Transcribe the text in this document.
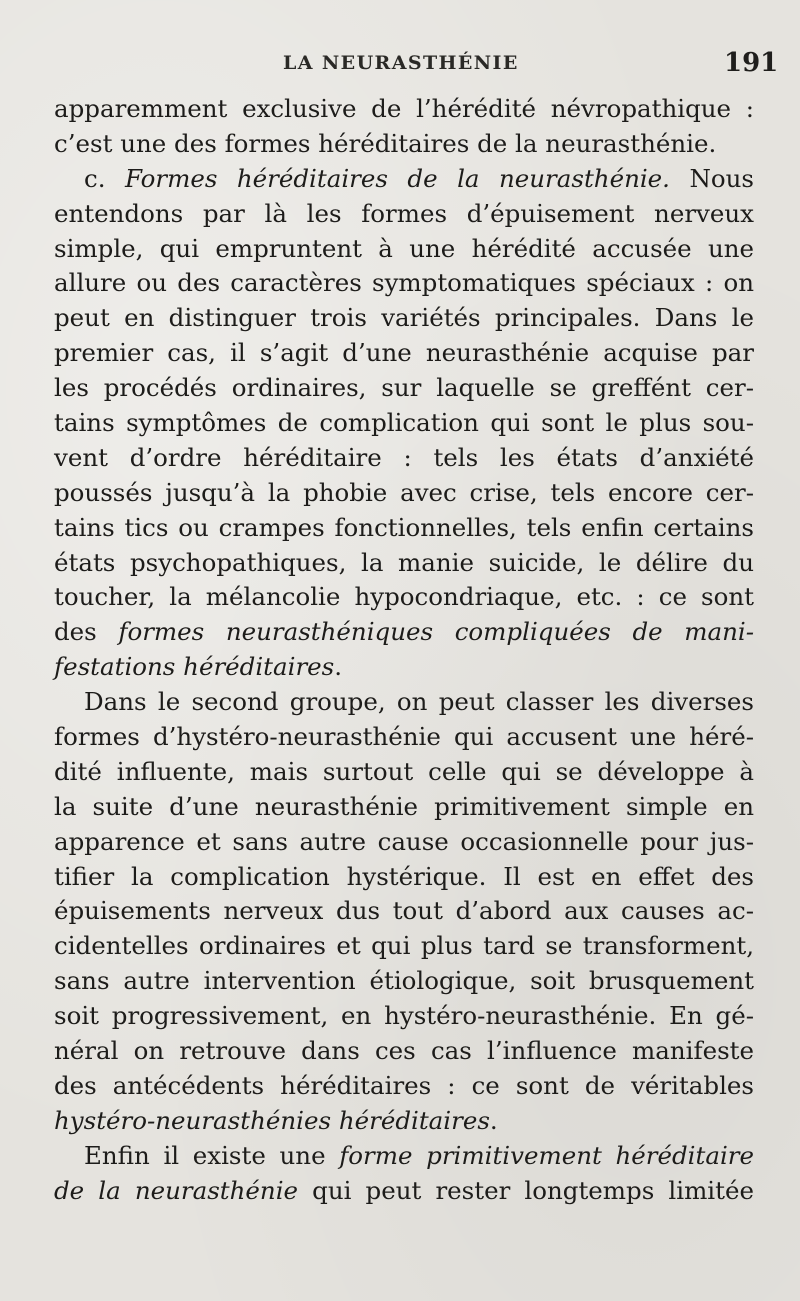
LA NEURASTHÉNIE	191
apparemment exclusive de l’hérédité névropathique :
c’est une des formes héréditaires de la neurasthénie.
c. Formes héréditaires de la neurasthénie. Nous
entendons par là les formes d’épuisement nerveux
simple, qui empruntent à une hérédité accusée une
allure ou des caractères symptomatiques spéciaux : on
peut en distinguer trois variétés principales. Dans le
premier cas, il s’agit d’une neurasthénie acquise par
les procédés ordinaires, sur laquelle se greffént cer-
tains symptômes de complication qui sont le plus sou-
vent d’ordre héréditaire : tels les états d’anxiété
poussés jusqu’à la phobie avec crise, tels encore cer-
tains tics ou crampes fonctionnelles, tels enfin certains
états psychopathiques, la manie suicide, le délire du
toucher, la mélancolie hypocondriaque, etc. : ce sont
des formes neurasthéniques compliquées de mani-
festations héréditaires.
Dans le second groupe, on peut classer les diverses
formes d’hystéro-neurasthénie qui accusent une héré-
dité influente, mais surtout celle qui se développe à
la suite d’une neurasthénie primitivement simple en
apparence et sans autre cause occasionnelle pour jus-
tifier la complication hystérique. Il est en effet des
épuisements nerveux dus tout d’abord aux causes ac-
cidentelles ordinaires et qui plus tard se transforment,
sans autre intervention étiologique, soit brusquement
soit progressivement, en hystéro-neurasthénie. En gé-
néral on retrouve dans ces cas l’influence manifeste
des antécédents héréditaires : ce sont de véritables
hystéro-neurasthénies héréditaires.
Enfin il existe une forme primitivement héréditaire
de la neurasthénie qui peut rester longtemps limitée
